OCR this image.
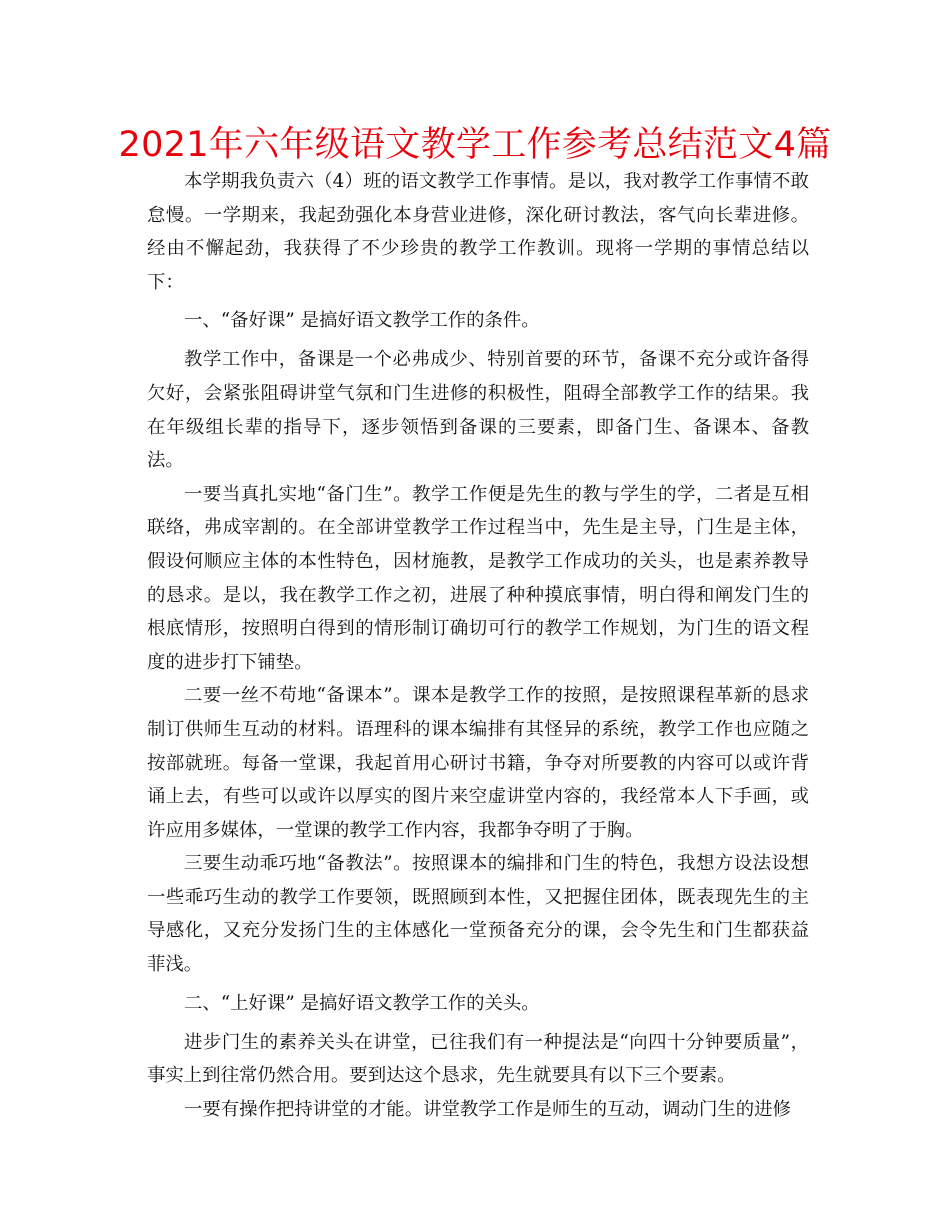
2021年六年级语文教学工作参考总结范文4篇

本学期我负责六（4）班的语文教学工作事情。是以，我对教学工作事情不敢怠慢。一学期来，我起劲强化本身营业进修，深化研讨教法，客气向长辈进修。经由不懈起劲，我获得了不少珍贵的教学工作教训。现将一学期的事情总结以下：

一、“备好课” 是搞好语文教学工作的条件。

教学工作中，备课是一个必弗成少、特别首要的环节，备课不充分或许备得欠好，会紧张阻碍讲堂气氛和门生进修的积极性，阻碍全部教学工作的结果。我在年级组长辈的指导下，逐步领悟到备课的三要素，即备门生、备课本、备教法。

一要当真扎实地“备门生”。教学工作便是先生的教与学生的学，二者是互相联络，弗成宰割的。在全部讲堂教学工作过程当中，先生是主导，门生是主体，假设何顺应主体的本性特色，因材施教，是教学工作成功的关头，也是素养教导的恳求。是以，我在教学工作之初，进展了种种摸底事情，明白得和阐发门生的根底情形，按照明白得到的情形制订确切可行的教学工作规划，为门生的语文程度的进步打下铺垫。

二要一丝不苟地“备课本”。课本是教学工作的按照，是按照课程革新的恳求制订供师生互动的材料。语理科的课本编排有其怪异的系统，教学工作也应随之按部就班。每备一堂课，我起首用心研讨书籍，争夺对所要教的内容可以或许背诵上去，有些可以或许以厚实的图片来空虚讲堂内容的，我经常本人下手画，或许应用多媒体，一堂课的教学工作内容，我都争夺明了于胸。

三要生动乖巧地“备教法”。按照课本的编排和门生的特色，我想方设法设想一些乖巧生动的教学工作要领，既照顾到本性，又把握住团体，既表现先生的主导感化，又充分发扬门生的主体感化一堂预备充分的课，会令先生和门生都获益菲浅。

二、“上好课” 是搞好语文教学工作的关头。

进步门生的素养关头在讲堂，已往我们有一种提法是“向四十分钟要质量”，事实上到往常仍然合用。要到达这个恳求，先生就要具有以下三个要素。

一要有操作把持讲堂的才能。讲堂教学工作是师生的互动，调动门生的进修
